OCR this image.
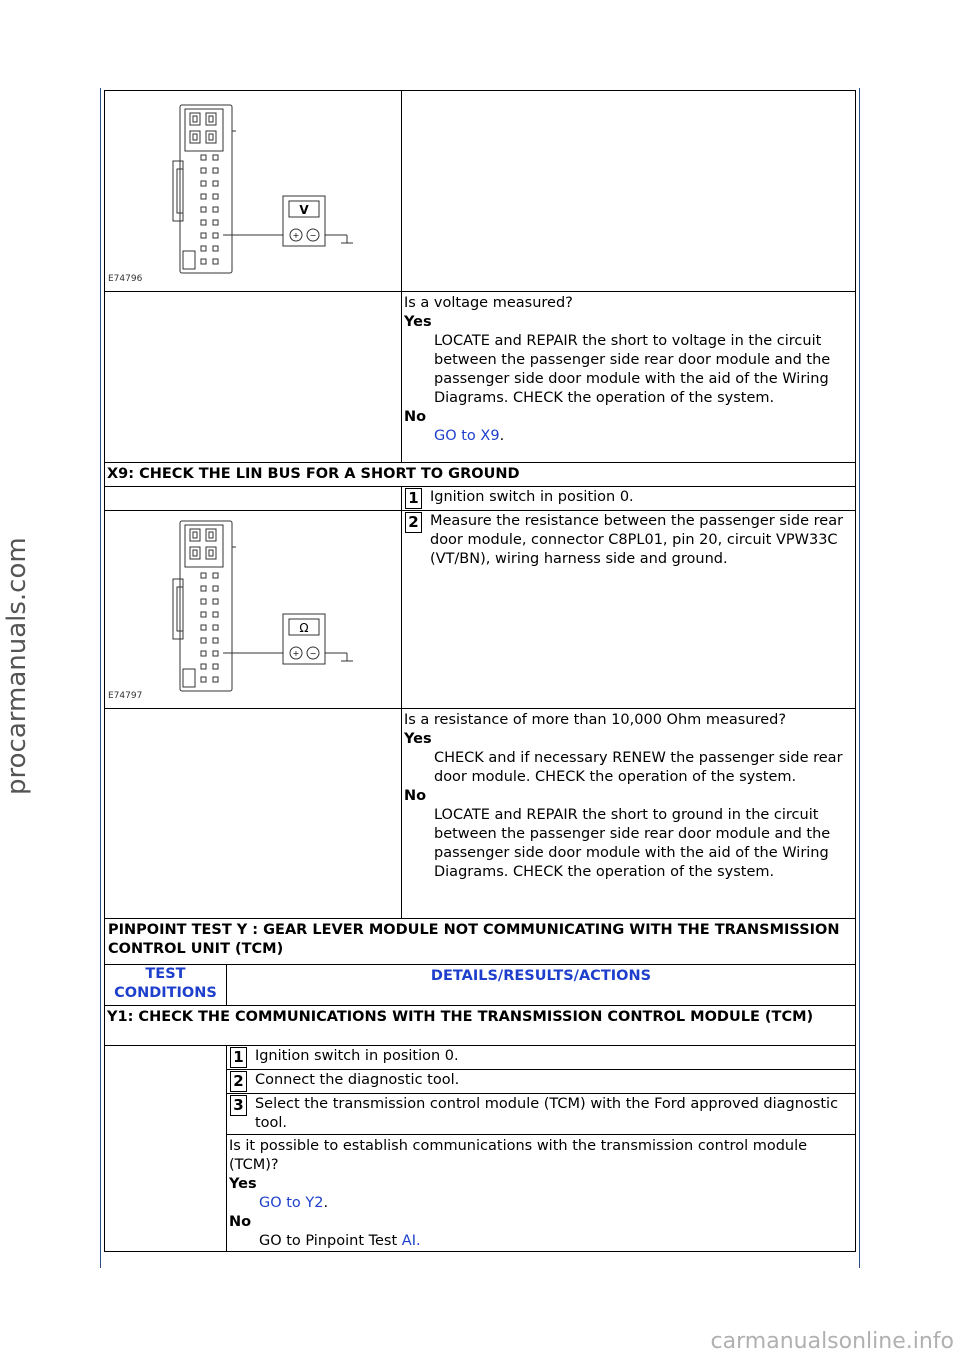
procarmanuals.com
carmanualsonline.info
V
+ −
E74796	

	Is a voltage measured?
Yes
LOCATE and REPAIR the short to voltage in the circuit between the passenger side rear door module and the passenger side door module with the aid of the Wiring Diagrams. CHECK the operation of the system.
No
GO to X9.

X9: CHECK THE LIN BUS FOR A SHORT TO GROUND	

	1 Ignition switch in position 0.

Ω
+ −
E74797	2 Measure the resistance between the passenger side rear door module, connector C8PL01, pin 20, circuit VPW33C (VT/BN), wiring harness side and ground.

	Is a resistance of more than 10,000 Ohm measured?
Yes
CHECK and if necessary RENEW the passenger side rear door module. CHECK the operation of the system.
No
LOCATE and REPAIR the short to ground in the circuit between the passenger side rear door module and the passenger side door module with the aid of the Wiring Diagrams. CHECK the operation of the system.
PINPOINT TEST Y : GEAR LEVER MODULE NOT COMMUNICATING WITH THE TRANSMISSION CONTROL UNIT (TCM)	
TEST CONDITIONS	DETAILS/RESULTS/ACTIONS
Y1: CHECK THE COMMUNICATIONS WITH THE TRANSMISSION CONTROL MODULE (TCM)	

	1 Ignition switch in position 0.

	2 Connect the diagnostic tool.

	3 Select the transmission control module (TCM) with the Ford approved diagnostic tool.

	Is it possible to establish communications with the transmission control module (TCM)?
Yes
GO to Y2.
No
GO to Pinpoint Test AI.
